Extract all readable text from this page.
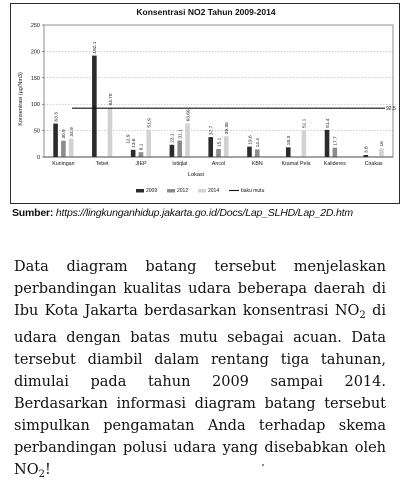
Konsentrasi NO2 Tahun 2009-2014
Konsentrasi (µg/Nm3)
Lokasi
0
50
100
150
200
250
63.3
30.9 34.9
Kuningan
192.1
93.75
Tebet
13.6 9.1
51.9
JIEP
23.1 31.1
63.66
Istiqlal
37.7
15.1
39.35
Ancol
19.6 14.4
KBN
18.3
51.1
Kramat Pela
51.4
17.7
Kalideres
3.8
16
Cirakas
12.9
92.5
2009	2012	2014	baku mutu
Sumber: https://lingkunganhidup.jakarta.go.id/Docs/Lap_SLHD/Lap_2D.htm

Data diagram batang tersebut menjelaskan perbandingan kualitas udara beberapa daerah di Ibu Kota Jakarta berdasarkan konsentrasi $NO_2$ di udara dengan batas mutu sebagai acuan. Data tersebut diambil dalam rentang tiga tahunan, dimulai pada tahun 2009 sampai 2014. Berdasarkan informasi diagram batang tersebut simpulkan pengamatan Anda terhadap skema perbandingan polusi udara yang disebabkan oleh $NO_2$!
